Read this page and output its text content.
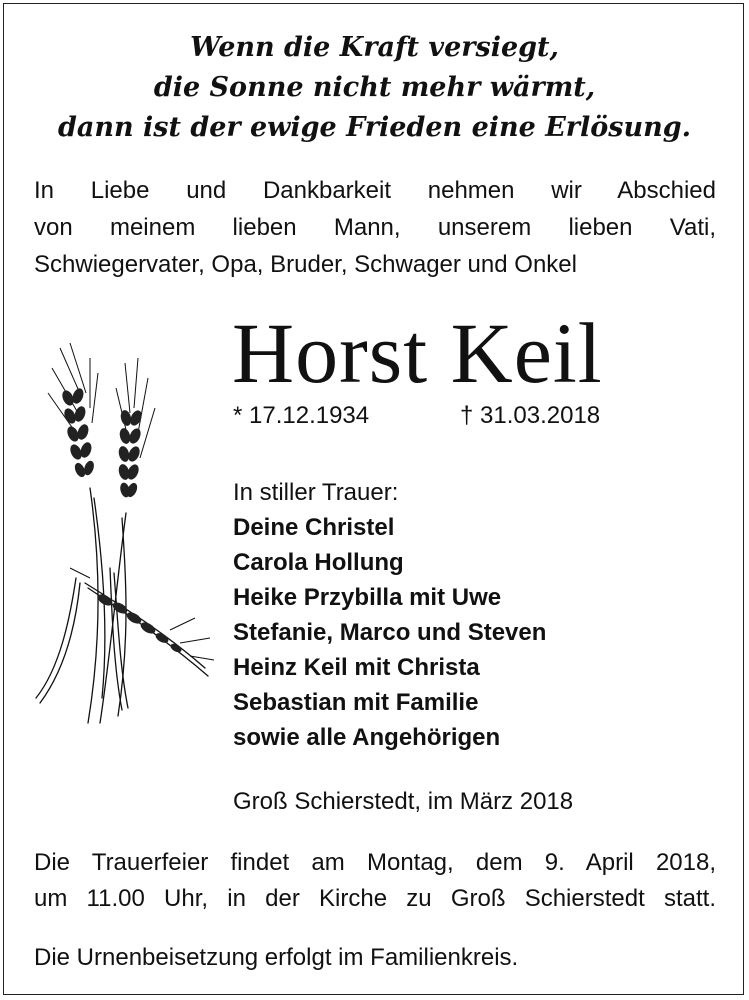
Wenn die Kraft versiegt,
die Sonne nicht mehr wärmt,
dann ist der ewige Frieden eine Erlösung.
In Liebe und Dankbarkeit nehmen wir Abschied
von meinem lieben Mann, unserem lieben Vati,
Schwiegervater, Opa, Bruder, Schwager und Onkel
Horst Keil
* 17.12.1934	† 31.03.2018
In stiller Trauer:
Deine Christel
Carola Hollung
Heike Przybilla mit Uwe
Stefanie, Marco und Steven
Heinz Keil mit Christa
Sebastian mit Familie
sowie alle Angehörigen
Groß Schierstedt, im März 2018
Die Trauerfeier findet am Montag, dem 9. April 2018,
um 11.00 Uhr, in der Kirche zu Groß Schierstedt statt.
Die Urnenbeisetzung erfolgt im Familienkreis.
